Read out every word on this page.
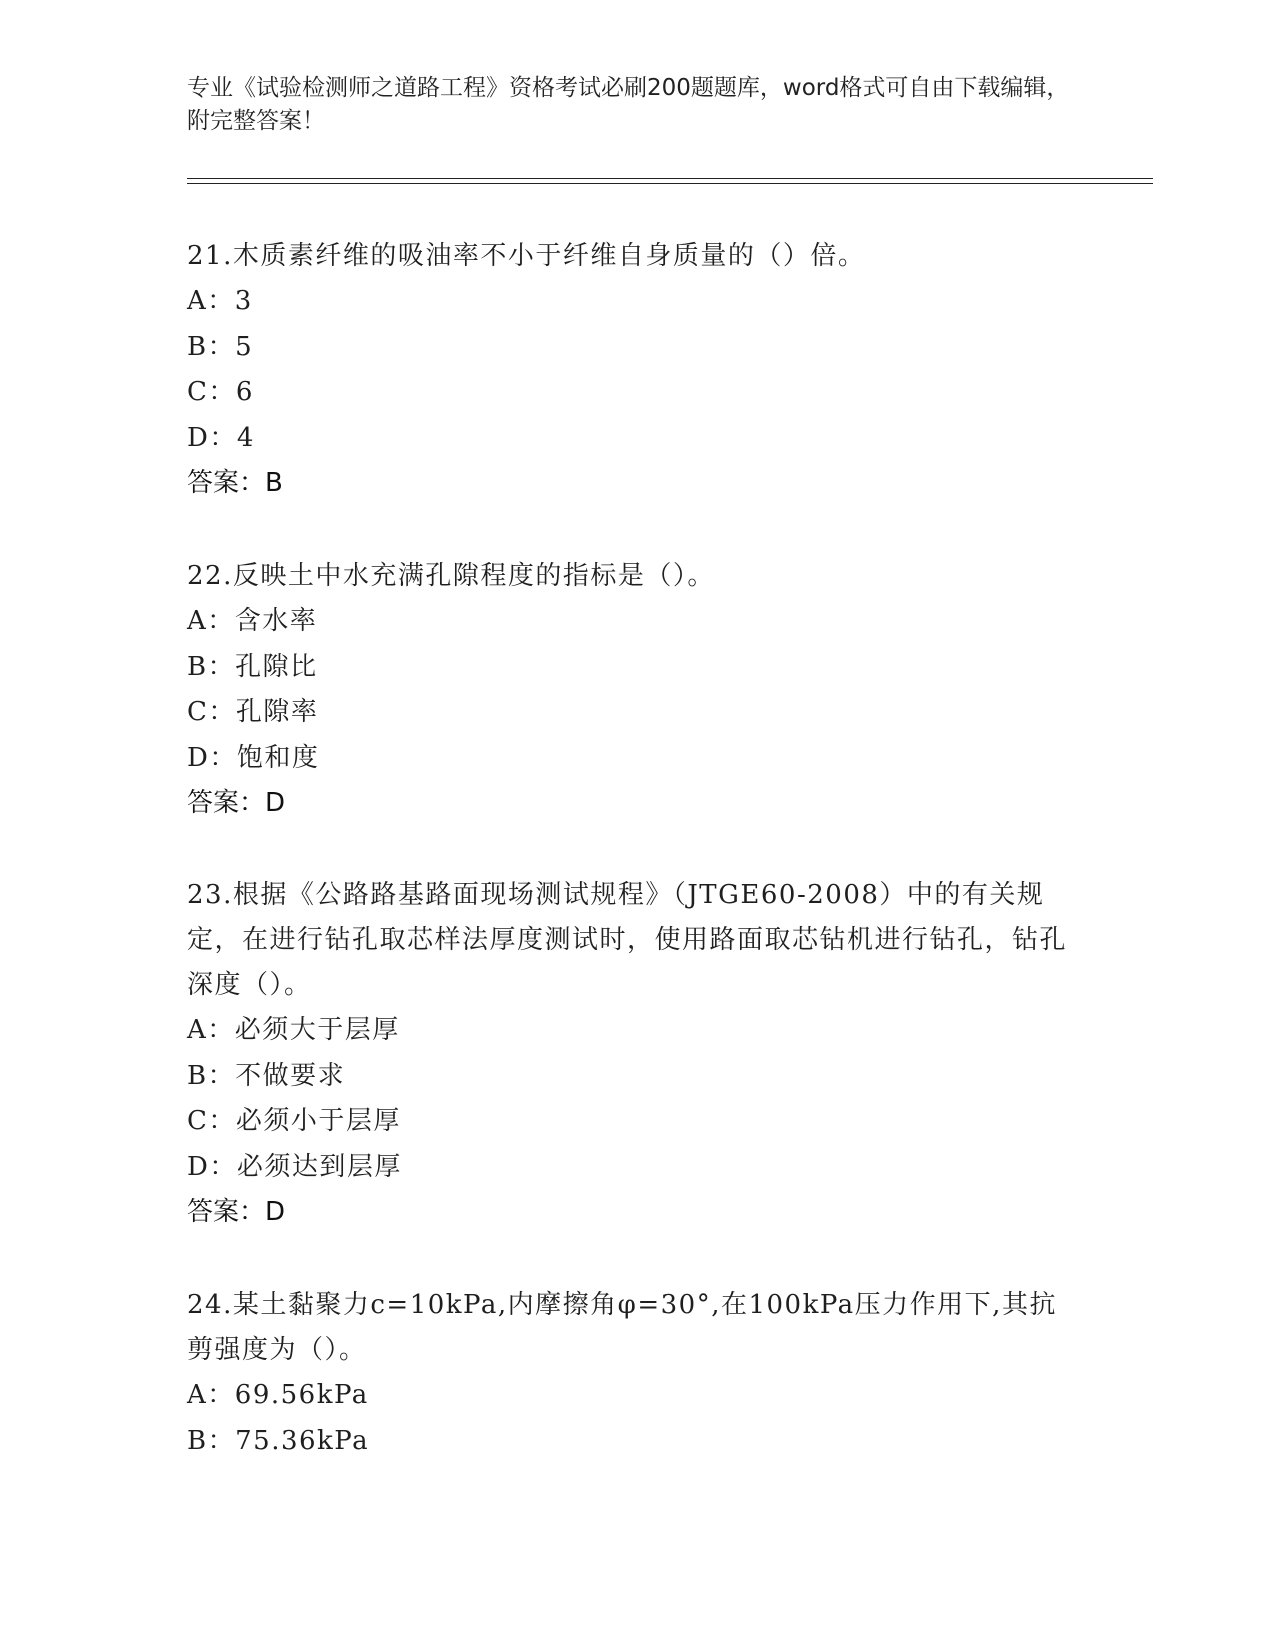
专业《试验检测师之道路工程》资格考试必刷200题题库，word格式可自由下载编辑，附完整答案！

21.木质素纤维的吸油率不小于纤维自身质量的（）倍。

A：3

B：5

C：6

D：4

答案：B

22.反映土中水充满孔隙程度的指标是（）。

A：含水率

B：孔隙比

C：孔隙率

D：饱和度

答案：D

23.根据《公路路基路面现场测试规程》（JTGE60-2008）中的有关规定，在进行钻孔取芯样法厚度测试时，使用路面取芯钻机进行钻孔，钻孔深度（）。

A：必须大于层厚

B：不做要求

C：必须小于层厚

D：必须达到层厚

答案：D

24.某土黏聚力c=10kPa,内摩擦角φ=30°,在100kPa压力作用下,其抗剪强度为（）。

A：69.56kPa

B：75.36kPa
